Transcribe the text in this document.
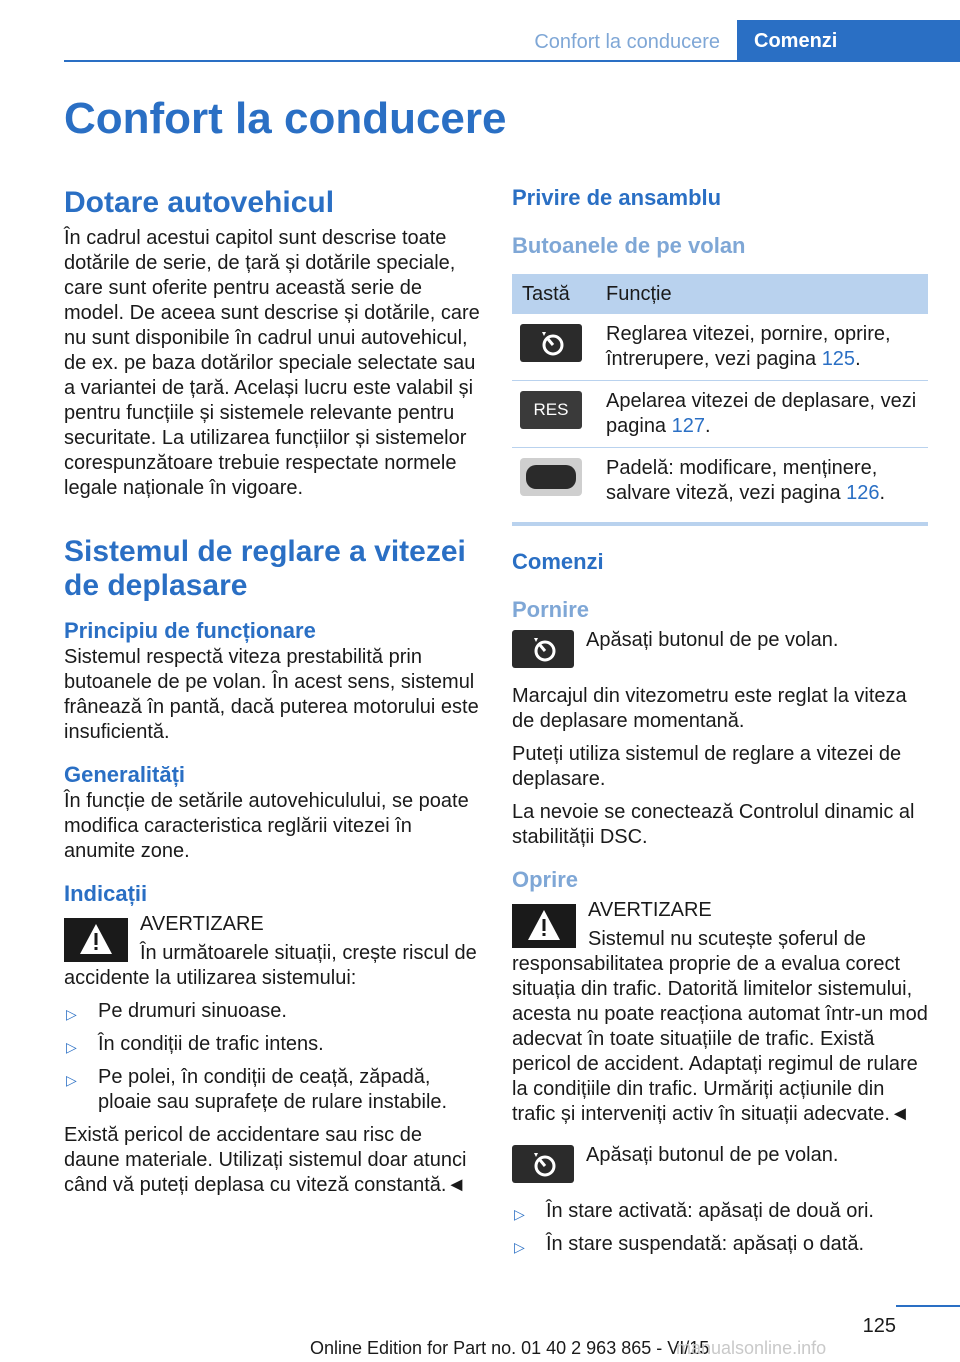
Confort la conducere	Comenzi
Confort la conducere
Dotare autovehicul

În cadrul acestui capitol sunt descrise toate dotările de serie, de țară și dotările speciale, care sunt oferite pentru această serie de model. De aceea sunt descrise și dotările, care nu sunt disponibile în cadrul unui autovehicul, de ex. pe baza dotărilor speciale selectate sau a variantei de țară. Același lucru este valabil și pentru funcțiile și sistemele relevante pentru securitate. La utilizarea funcțiilor și sistemelor corespunzătoare trebuie respectate normele legale naționale în vigoare.

Sistemul de reglare a vitezei de deplasare
Principiu de funcționare

Sistemul respectă viteza prestabilită prin butoanele de pe volan. În acest sens, sistemul frânează în pantă, dacă puterea motorului este insuficientă.

Generalități

În funcție de setările autovehiculului, se poate modifica caracteristica reglării vitezei în anumite zone.

Indicații

AVERTIZARE

În următoarele situații, crește riscul de accidente la utilizarea sistemului:

▷ Pe drumuri sinuoase.
▷ În condiții de trafic intens.
▷ Pe polei, în condiții de ceață, zăpadă, ploaie sau suprafețe de rulare instabile.

Există pericol de accidentare sau risc de daune materiale. Utilizați sistemul doar atunci când vă puteți deplasa cu viteză constantă.◄

Privire de ansamblu
Butoanele de pe volan
Tastă	Funcție

	Reglarea vitezei, pornire, oprire, întrerupere, vezi pagina 125.

RES	Apelarea vitezei de deplasare, vezi pagina 127.

	Padelă: modificare, menținere, salvare viteză, vezi pagina 126.
Comenzi
Pornire

Apăsați butonul de pe volan.

Marcajul din vitezometru este reglat la viteza de deplasare momentană.

Puteți utiliza sistemul de reglare a vitezei de deplasare.

La nevoie se conectează Controlul dinamic al stabilității DSC.

Oprire

AVERTIZARE

Sistemul nu scutește șoferul de responsabilitatea proprie de a evalua corect situația din trafic. Datorită limitelor sistemului, acesta nu poate reacționa automat într-un mod adecvat în toate situațiile de trafic. Există pericol de accident. Adaptați regimul de rulare la condițiile din trafic. Urmăriți acțiunile din trafic și interveniți activ în situații adecvate.◄

Apăsați butonul de pe volan.

▷ În stare activată: apăsați de două ori.
▷ În stare suspendată: apăsați o dată.
125
Online Edition for Part no. 01 40 2 963 865 - VI/15
manualsonline.info
